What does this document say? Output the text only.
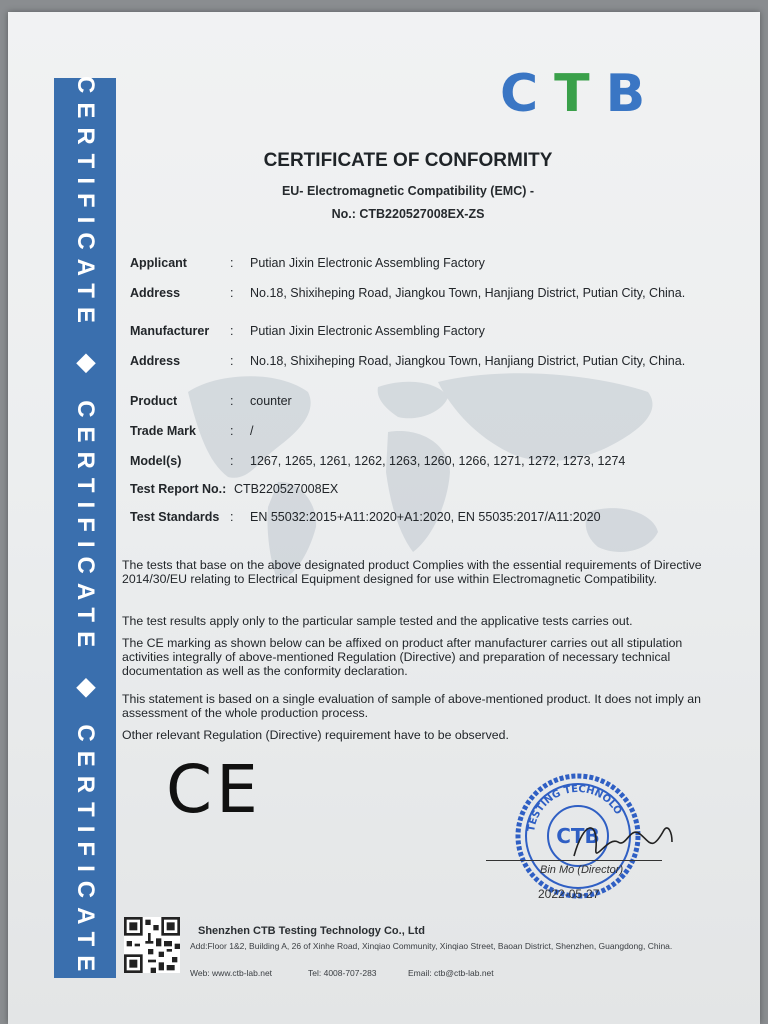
CERTIFICATE ◆ CERTIFICATE ◆ CERTIFICATE	CTB
CERTIFICATE OF CONFORMITY
EU- Electromagnetic Compatibility (EMC) -
No.: CTB220527008EX-ZS
Applicant	: Putian Jixin Electronic Assembling Factory
Address	: No.18, Shixiheping Road, Jiangkou Town, Hanjiang District, Putian City, China.
Manufacturer : Putian Jixin Electronic Assembling Factory
Address	: No.18, Shixiheping Road, Jiangkou Town, Hanjiang District, Putian City, China.
Product	: counter
Trade Mark	: /
Model(s)	: 1267, 1265, 1261, 1262, 1263, 1260, 1266, 1271, 1272, 1273, 1274
Test Report No.: CTB220527008EX
Test Standards : EN 55032:2015+A11:2020+A1:2020, EN 55035:2017/A11:2020
The tests that base on the above designated product Complies with the essential requirements of Directive 2014/30/EU relating to Electrical Equipment designed for use within Electromagnetic Compatibility.
The test results apply only to the particular sample tested and the applicative tests carries out.
The CE marking as shown below can be affixed on product after manufacturer carries out all stipulation activities integrally of above-mentioned Regulation (Directive) and preparation of necessary technical documentation as well as the conformity declaration.
This statement is based on a single evaluation of sample of above-mentioned product. It does not imply an assessment of the whole production process.
Other relevant Regulation (Directive) requirement have to be observed.
CE
TESTING TECHNOLO
CTB
Bin Mo (Director)
2022-05-27
Shenzhen CTB Testing Technology Co., Ltd
Add:Floor 1&2, Building A, 26 of Xinhe Road, Xinqiao Community, Xinqiao Street, Baoan District, Shenzhen, Guangdong, China.
Web: www.ctb-lab.net	Tel: 4008-707-283	Email: ctb@ctb-lab.net
